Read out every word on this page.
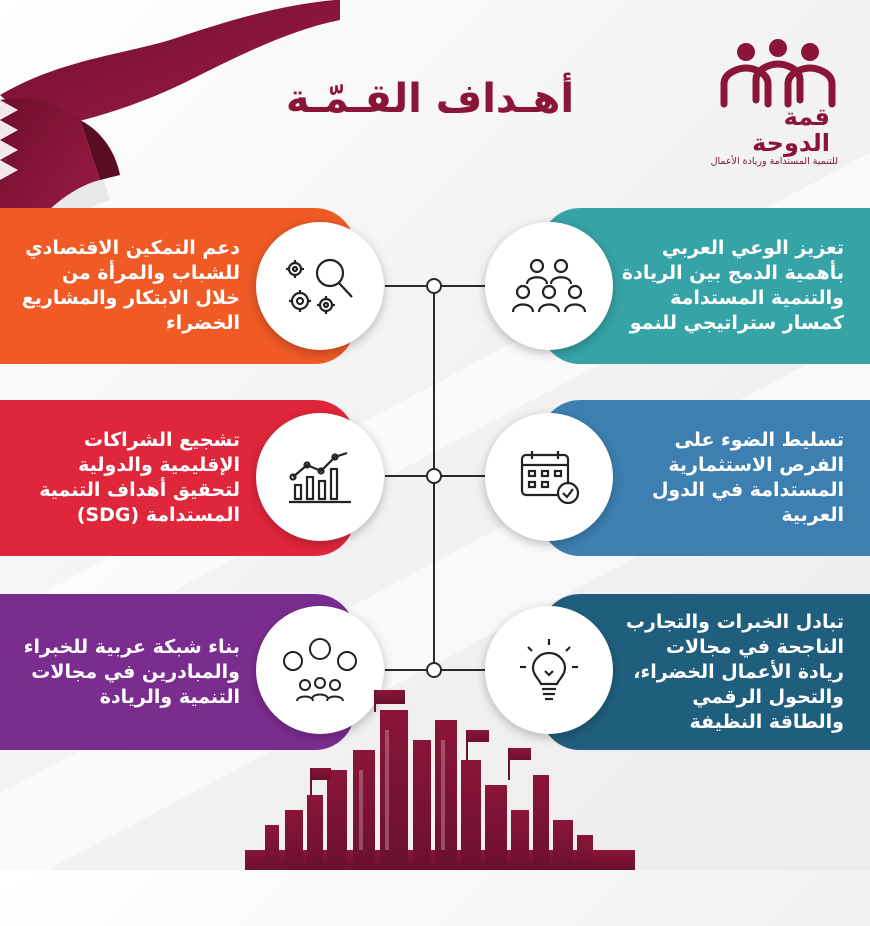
قمة الدوحة
للتنمية المستدامة وريادة الأعمال
أهـداف القـمّـة
دعم التمكين الاقتصادي للشباب والمرأة من خلال الابتكار والمشاريع الخضراء
تشجيع الشراكات الإقليمية والدولية لتحقيق أهداف التنمية المستدامة (SDG)
بناء شبكة عربية للخبراء والمبادرين في مجالات التنمية والريادة
تعزيز الوعي العربي بأهمية الدمج بين الريادة والتنمية المستدامة كمسار ستراتيجي للنمو
تسليط الضوء على الفرص الاستثمارية المستدامة في الدول العربية
تبادل الخبرات والتجارب الناجحة في مجالات ريادة الأعمال الخضراء، والتحول الرقمي والطاقة النظيفة
